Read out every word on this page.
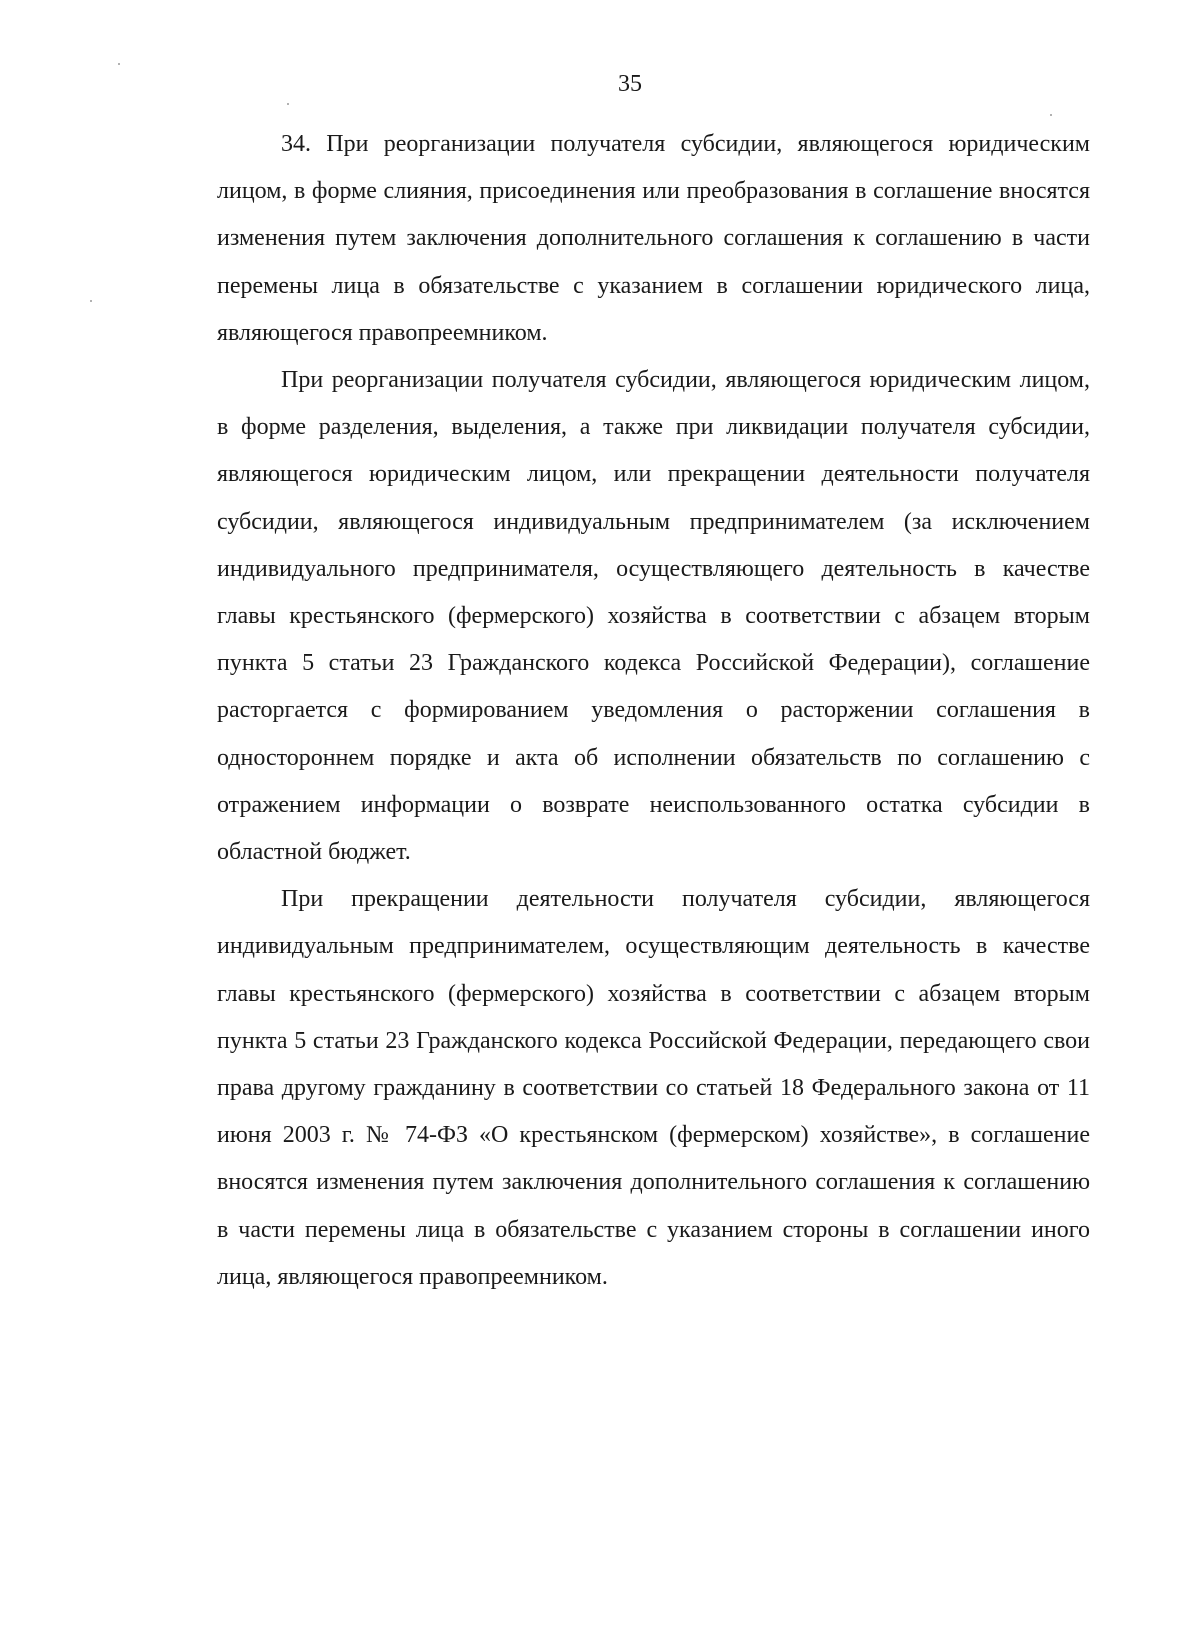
35

34. При реорганизации получателя субсидии, являющегося юридическим лицом, в форме слияния, присоединения или преобразования в соглашение вносятся изменения путем заключения дополнительного соглашения к соглашению в части перемены лица в обязательстве с указанием в соглашении юридического лица, являющегося правопреемником.

При реорганизации получателя субсидии, являющегося юридическим лицом, в форме разделения, выделения, а также при ликвидации получателя субсидии, являющегося юридическим лицом, или прекращении деятельности получателя субсидии, являющегося индивидуальным предпринимателем (за исключением индивидуального предпринимателя, осуществляющего деятельность в качестве главы крестьянского (фермерского) хозяйства в соответствии с абзацем вторым пункта 5 статьи 23 Гражданского кодекса Российской Федерации), соглашение расторгается с формированием уведомления о расторжении соглашения в одностороннем порядке и акта об исполнении обязательств по соглашению с отражением информации о возврате неиспользованного остатка субсидии в областной бюджет.

При прекращении деятельности получателя субсидии, являющегося индивидуальным предпринимателем, осуществляющим деятельность в качестве главы крестьянского (фермерского) хозяйства в соответствии с абзацем вторым пункта 5 статьи 23 Гражданского кодекса Российской Федерации, передающего свои права другому гражданину в соответствии со статьей 18 Федерального закона от 11 июня 2003 г. № 74-ФЗ «О крестьянском (фермерском) хозяйстве», в соглашение вносятся изменения путем заключения дополнительного соглашения к соглашению в части перемены лица в обязательстве с указанием стороны в соглашении иного лица, являющегося правопреемником.
